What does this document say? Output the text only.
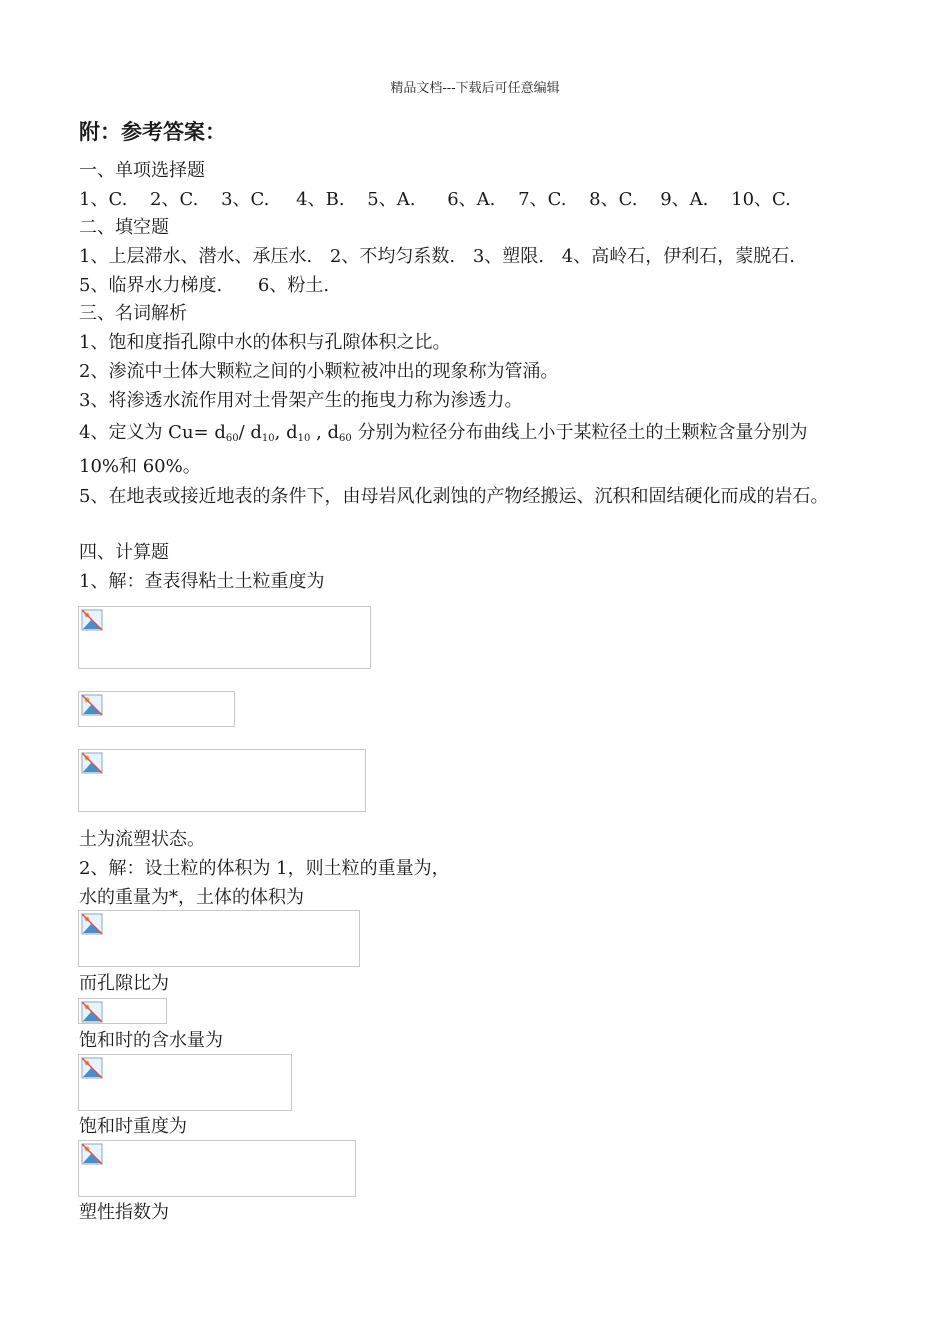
精品文档---下载后可任意编辑
附：参考答案：
一、单项选择题
1、C. 2、C. 3、C. 4、B. 5、A. 6、A. 7、C. 8、C. 9、A. 10、C.
二、填空题
1、上层滞水、潜水、承压水. 2、不均匀系数. 3、塑限. 4、高岭石，伊利石，蒙脱石.
5、临界水力梯度. 6、粉土.
三、名词解析
1、饱和度指孔隙中水的体积与孔隙体积之比。
2、渗流中土体大颗粒之间的小颗粒被冲出的现象称为管涌。
3、将渗透水流作用对土骨架产生的拖曳力称为渗透力。
4、定义为 $Cu= d_{60}/$ $d_{10}$, $d_{10}$ , $d_{60}$ 分别为粒径分布曲线上小于某粒径土的土颗粒含量分别为
10%和 60%。
5、在地表或接近地表的条件下，由母岩风化剥蚀的产物经搬运、沉积和固结硬化而成的岩石。
四、计算题
1、解：查表得粘土土粒重度为
土为流塑状态。
2、解：设土粒的体积为 1，则土粒的重量为，
水的重量为*，土体的体积为
而孔隙比为
饱和时的含水量为
饱和时重度为
塑性指数为
